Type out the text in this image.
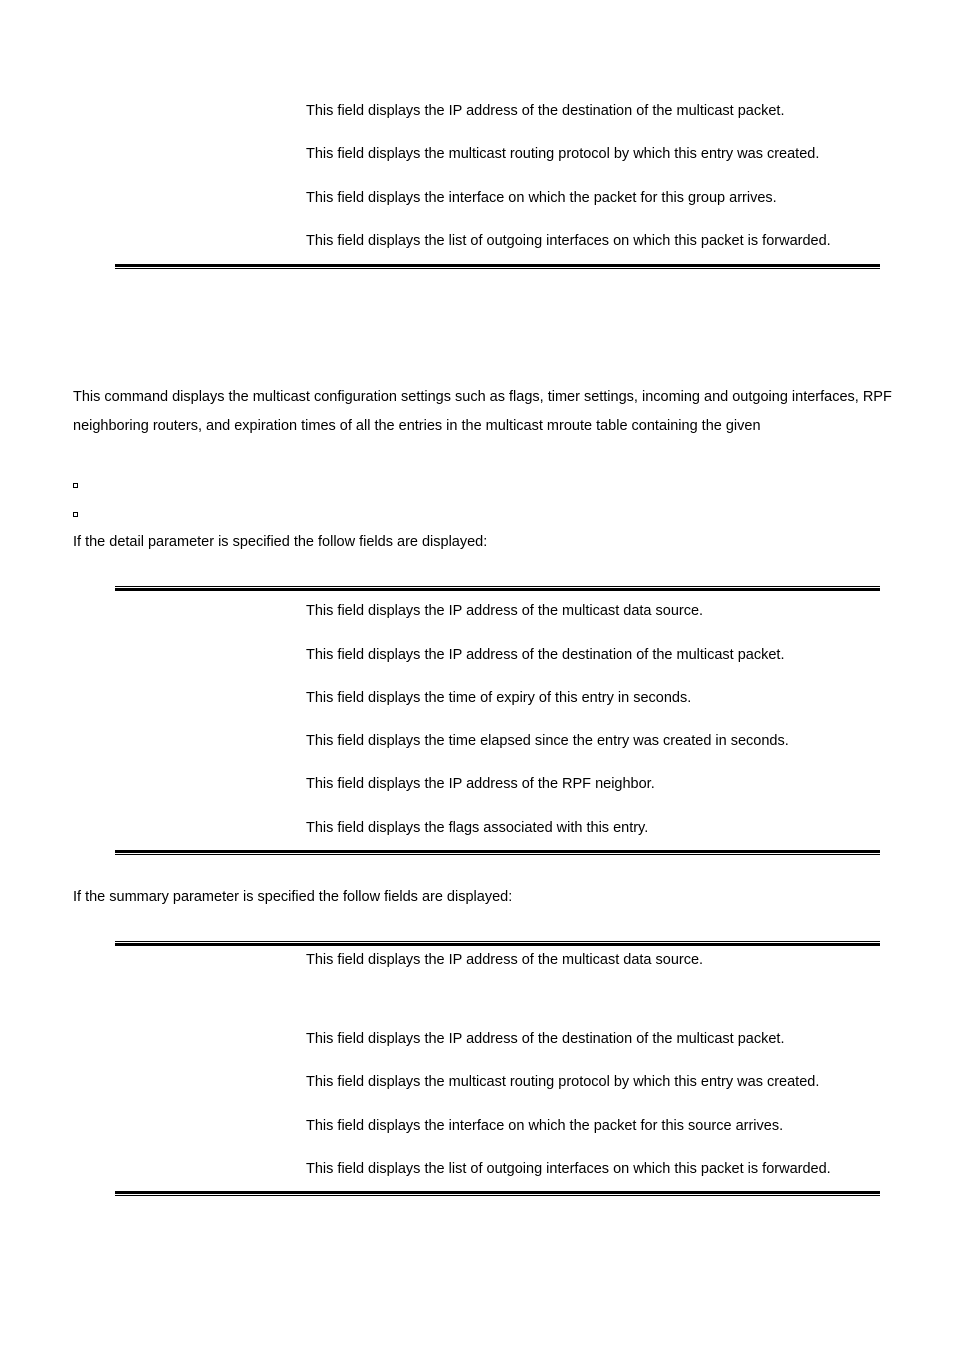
This field displays the IP address of the destination of the multicast packet.
This field displays the multicast routing protocol by which this entry was created.
This field displays the interface on which the packet for this group arrives.
This field displays the list of outgoing interfaces on which this packet is forwarded.
This command displays the multicast configuration settings such as flags, timer settings, incoming and outgoing interfaces, RPF
neighboring routers, and expiration times of all the entries in the multicast mroute table containing the given
If the detail parameter is specified the follow fields are displayed:
This field displays the IP address of the multicast data source.
This field displays the IP address of the destination of the multicast packet.
This field displays the time of expiry of this entry in seconds.
This field displays the time elapsed since the entry was created in seconds.
This field displays the IP address of the RPF neighbor.
This field displays the flags associated with this entry.
If the summary parameter is specified the follow fields are displayed:
This field displays the IP address of the multicast data source.
This field displays the IP address of the destination of the multicast packet.
This field displays the multicast routing protocol by which this entry was created.
This field displays the interface on which the packet for this source arrives.
This field displays the list of outgoing interfaces on which this packet is forwarded.
